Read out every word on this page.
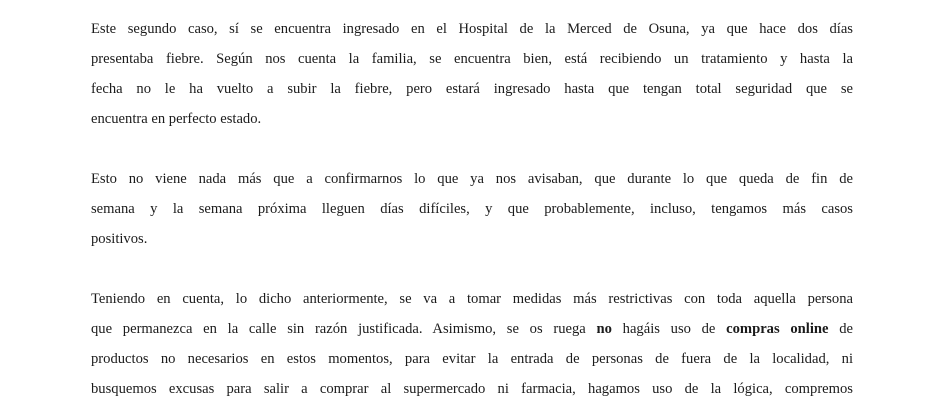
Este segundo caso, sí se encuentra ingresado en el Hospital de la Merced de Osuna, ya que hace dos días
presentaba fiebre. Según nos cuenta la familia, se encuentra bien, está recibiendo un tratamiento y hasta la
fecha no le ha vuelto a subir la fiebre, pero estará ingresado hasta que tengan total seguridad que se
encuentra en perfecto estado.

Esto no viene nada más que a confirmarnos lo que ya nos avisaban, que durante lo que queda de fin de
semana y la semana próxima lleguen días difíciles, y que probablemente, incluso, tengamos más casos
positivos.

Teniendo en cuenta, lo dicho anteriormente, se va a tomar medidas más restrictivas con toda aquella persona
que permanezca en la calle sin razón justificada. Asimismo, se os ruega no hagáis uso de compras online de
productos no necesarios en estos momentos, para evitar la entrada de personas de fuera de la localidad, ni
busquemos excusas para salir a comprar al supermercado ni farmacia, hagamos uso de la lógica, compremos
